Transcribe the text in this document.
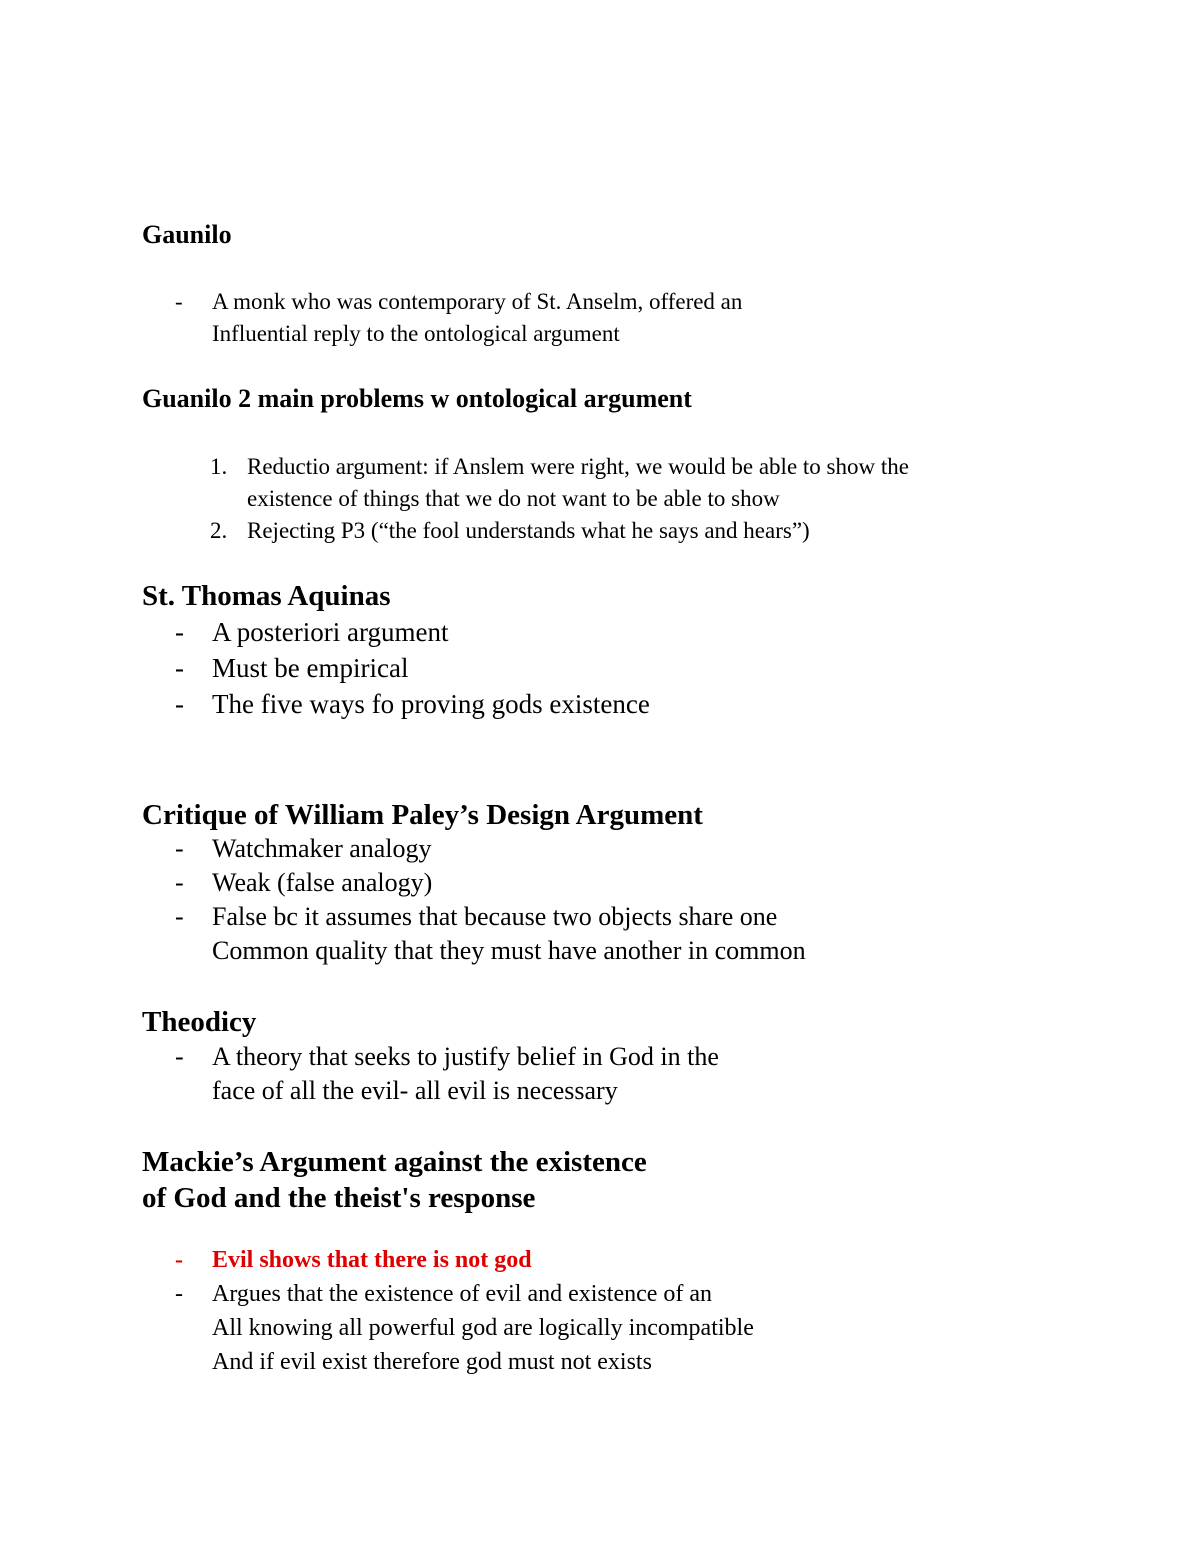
Gaunilo
- A monk who was contemporary of St. Anselm, offered an
Influential reply to the ontological argument
Guanilo 2 main problems w ontological argument
1. Reductio argument: if Anslem were right, we would be able to show the
existence of things that we do not want to be able to show
2. Rejecting P3 (“the fool understands what he says and hears”)
St. Thomas Aquinas
- A posteriori argument
- Must be empirical
- The five ways fo proving gods existence
Critique of William Paley’s Design Argument
- Watchmaker analogy
- Weak (false analogy)
- False bc it assumes that because two objects share one
Common quality that they must have another in common
Theodicy
- A theory that seeks to justify belief in God in the
face of all the evil- all evil is necessary
Mackie’s Argument against the existence
of God and the theist's response
- Evil shows that there is not god
- Argues that the existence of evil and existence of an
All knowing all powerful god are logically incompatible
And if evil exist therefore god must not exists
